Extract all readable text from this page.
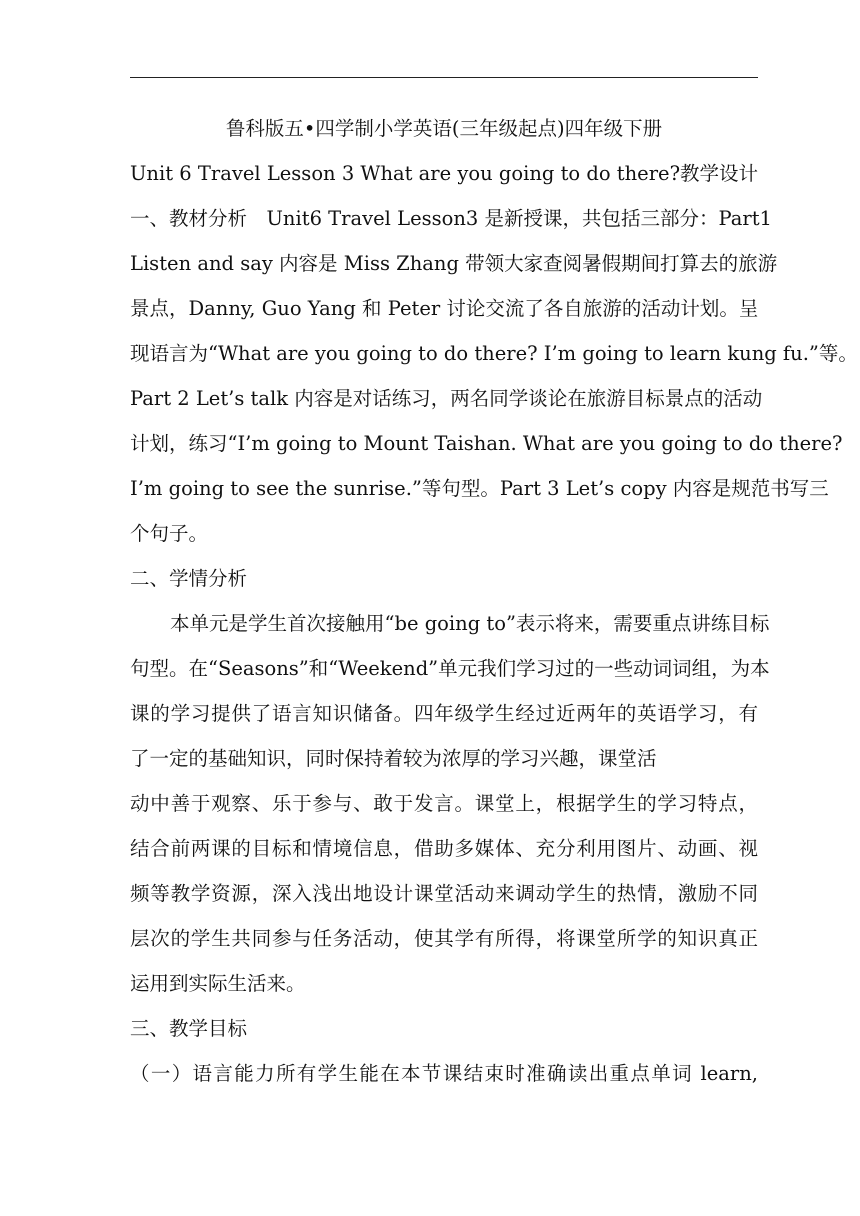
鲁科版五•四学制小学英语(三年级起点)四年级下册
Unit 6 Travel Lesson 3 What are you going to do there?教学设计
一、教材分析　Unit6 Travel Lesson3 是新授课，共包括三部分：Part1
Listen and say 内容是 Miss Zhang 带领大家查阅暑假期间打算去的旅游
景点，Danny, Guo Yang 和 Peter 讨论交流了各自旅游的活动计划。呈
现语言为“What are you going to do there? I’m going to learn kung fu.”等。
Part 2 Let’s talk 内容是对话练习，两名同学谈论在旅游目标景点的活动
计划，练习“I’m going to Mount Taishan. What are you going to do there?
I’m going to see the sunrise.”等句型。Part 3 Let’s copy 内容是规范书写三
个句子。
二、学情分析
本单元是学生首次接触用“be going to”表示将来，需要重点讲练目标
句型。在“Seasons”和“Weekend”单元我们学习过的一些动词词组，为本
课的学习提供了语言知识储备。四年级学生经过近两年的英语学习，有
了一定的基础知识，同时保持着较为浓厚的学习兴趣，课堂活
动中善于观察、乐于参与、敢于发言。课堂上，根据学生的学习特点，
结合前两课的目标和情境信息，借助多媒体、充分利用图片、动画、视
频等教学资源，深入浅出地设计课堂活动来调动学生的热情，激励不同
层次的学生共同参与任务活动，使其学有所得，将课堂所学的知识真正
运用到实际生活来。
三、教学目标
（一）语言能力所有学生能在本节课结束时准确读出重点单词 learn,
